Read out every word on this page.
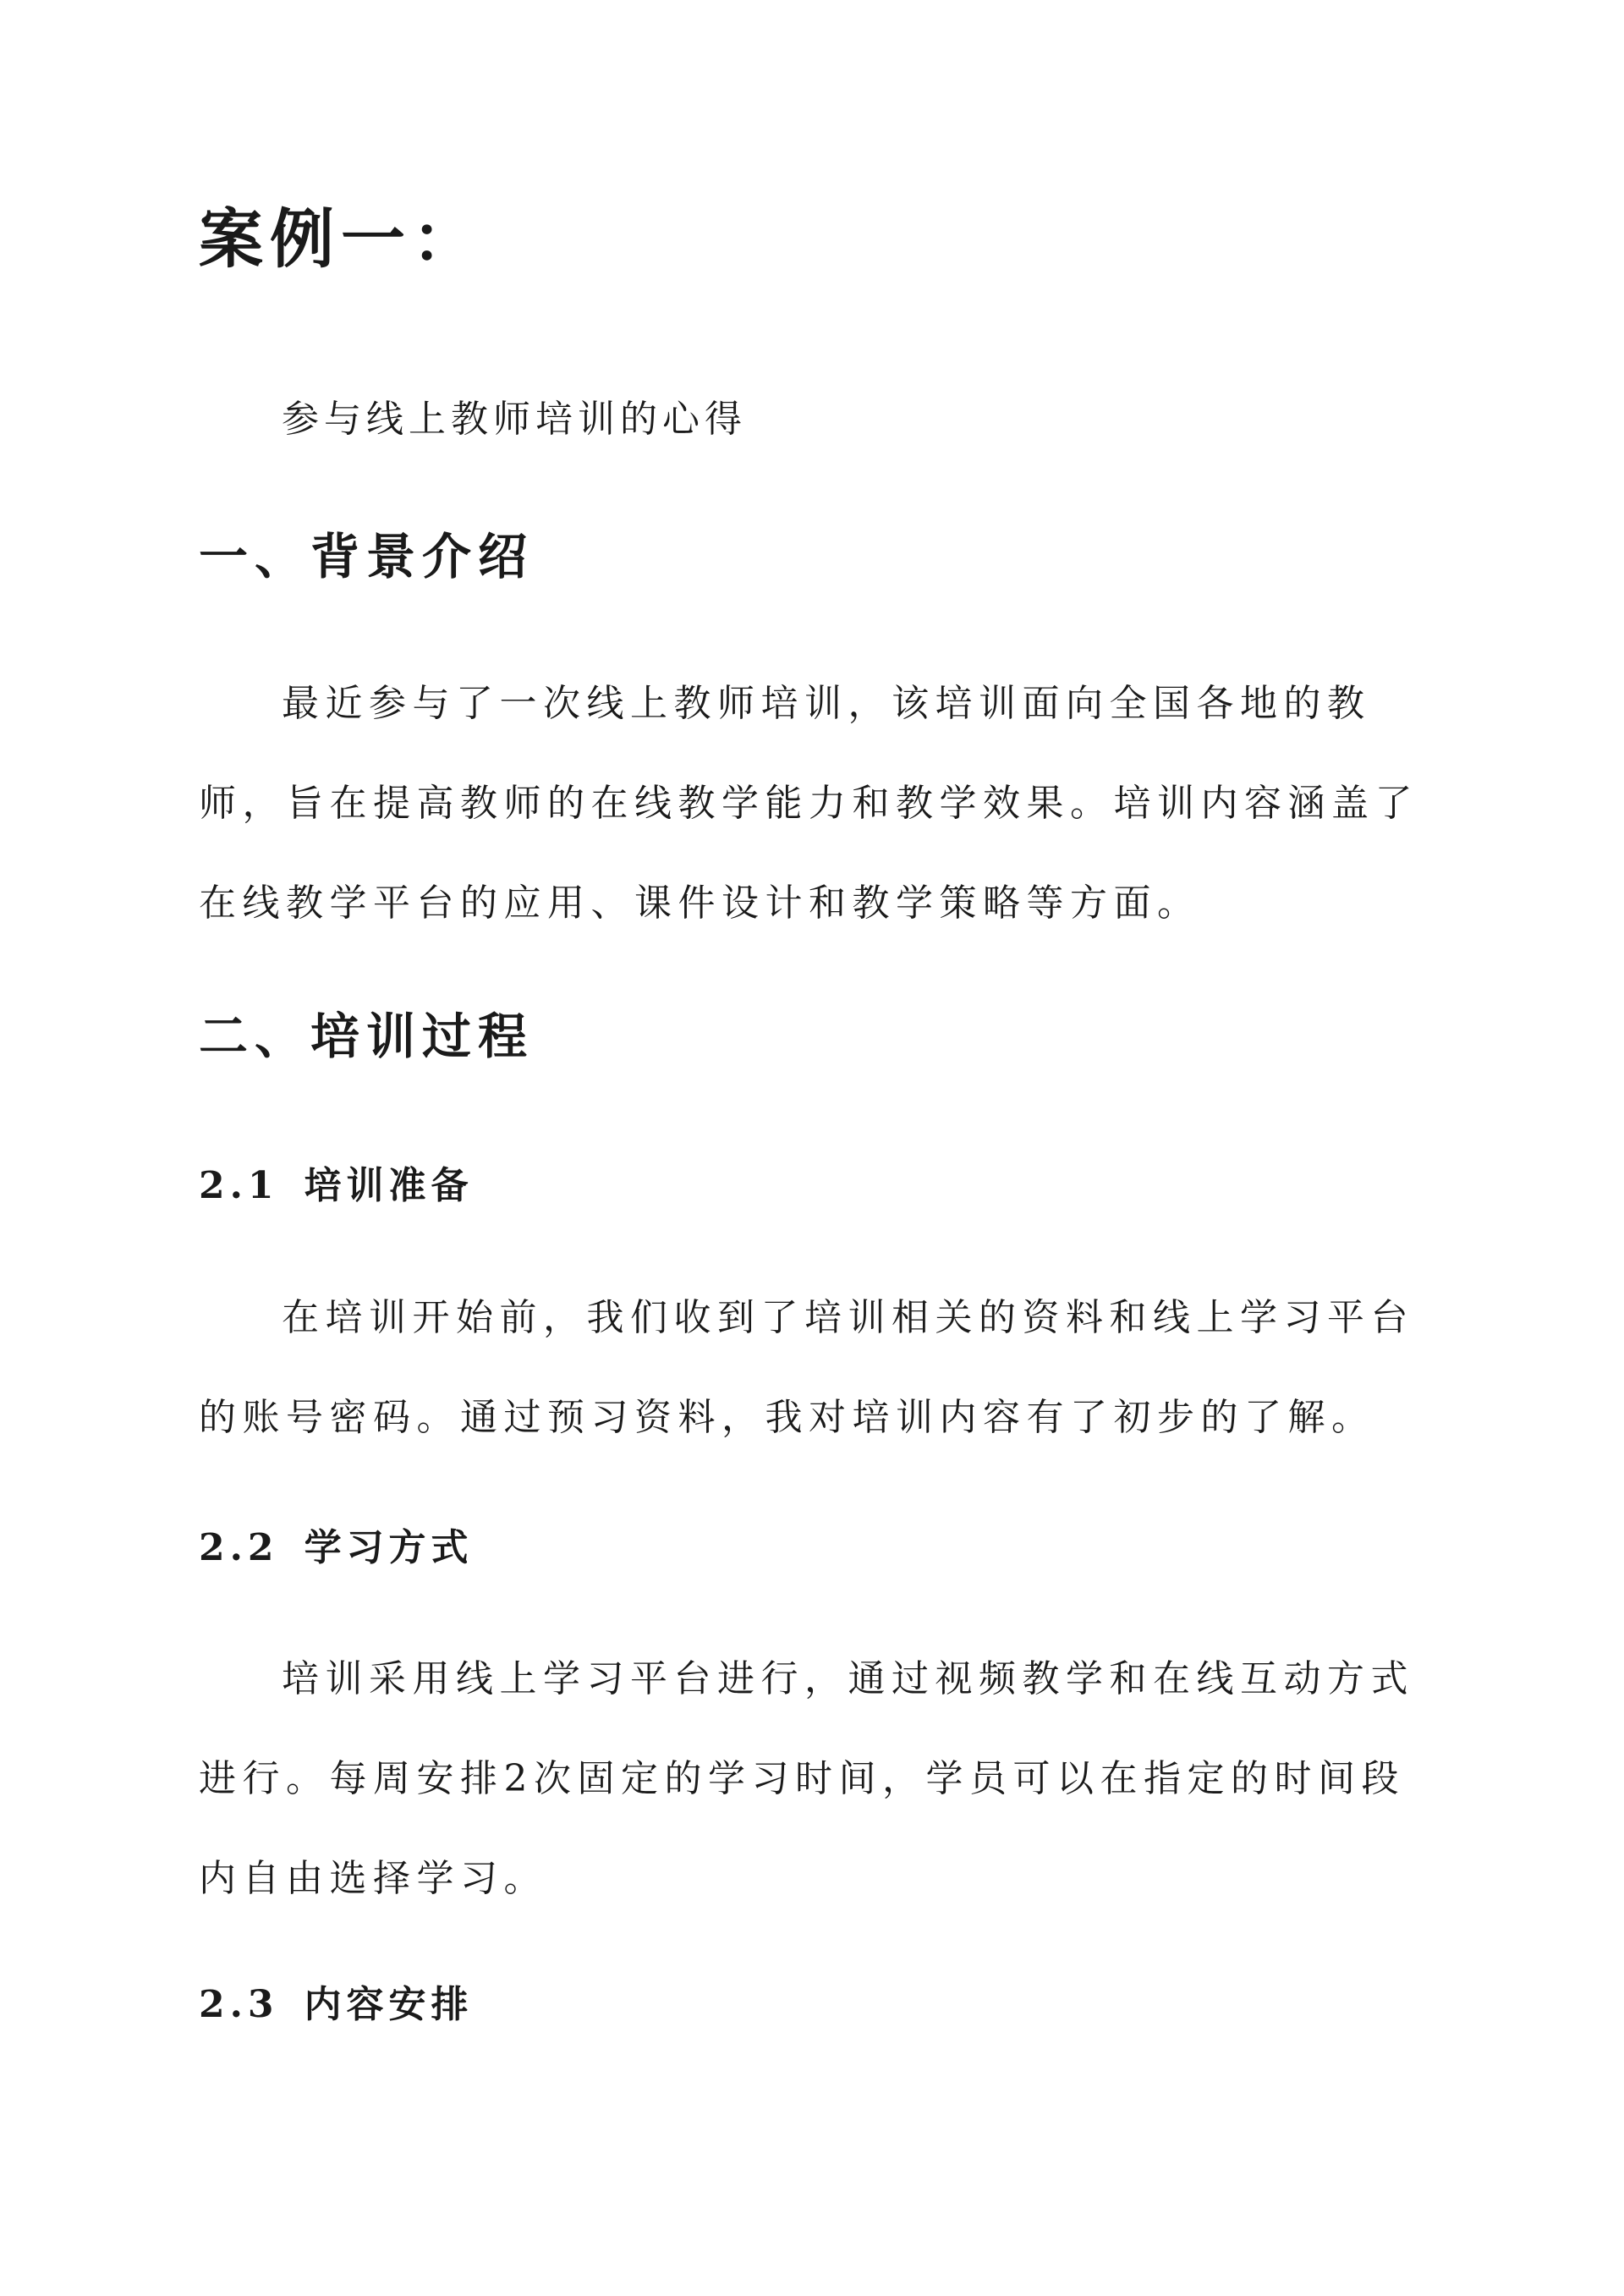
案例一：
参与线上教师培训的心得
一、背景介绍

最近参与了一次线上教师培训，该培训面向全国各地的教师，旨在提高教师的在线教学能力和教学效果。培训内容涵盖了在线教学平台的应用、课件设计和教学策略等方面。

二、培训过程
2.1 培训准备

在培训开始前，我们收到了培训相关的资料和线上学习平台的账号密码。通过预习资料，我对培训内容有了初步的了解。

2.2 学习方式

培训采用线上学习平台进行，通过视频教学和在线互动方式进行。每周安排2次固定的学习时间，学员可以在指定的时间段内自由选择学习。

2.3 内容安排
